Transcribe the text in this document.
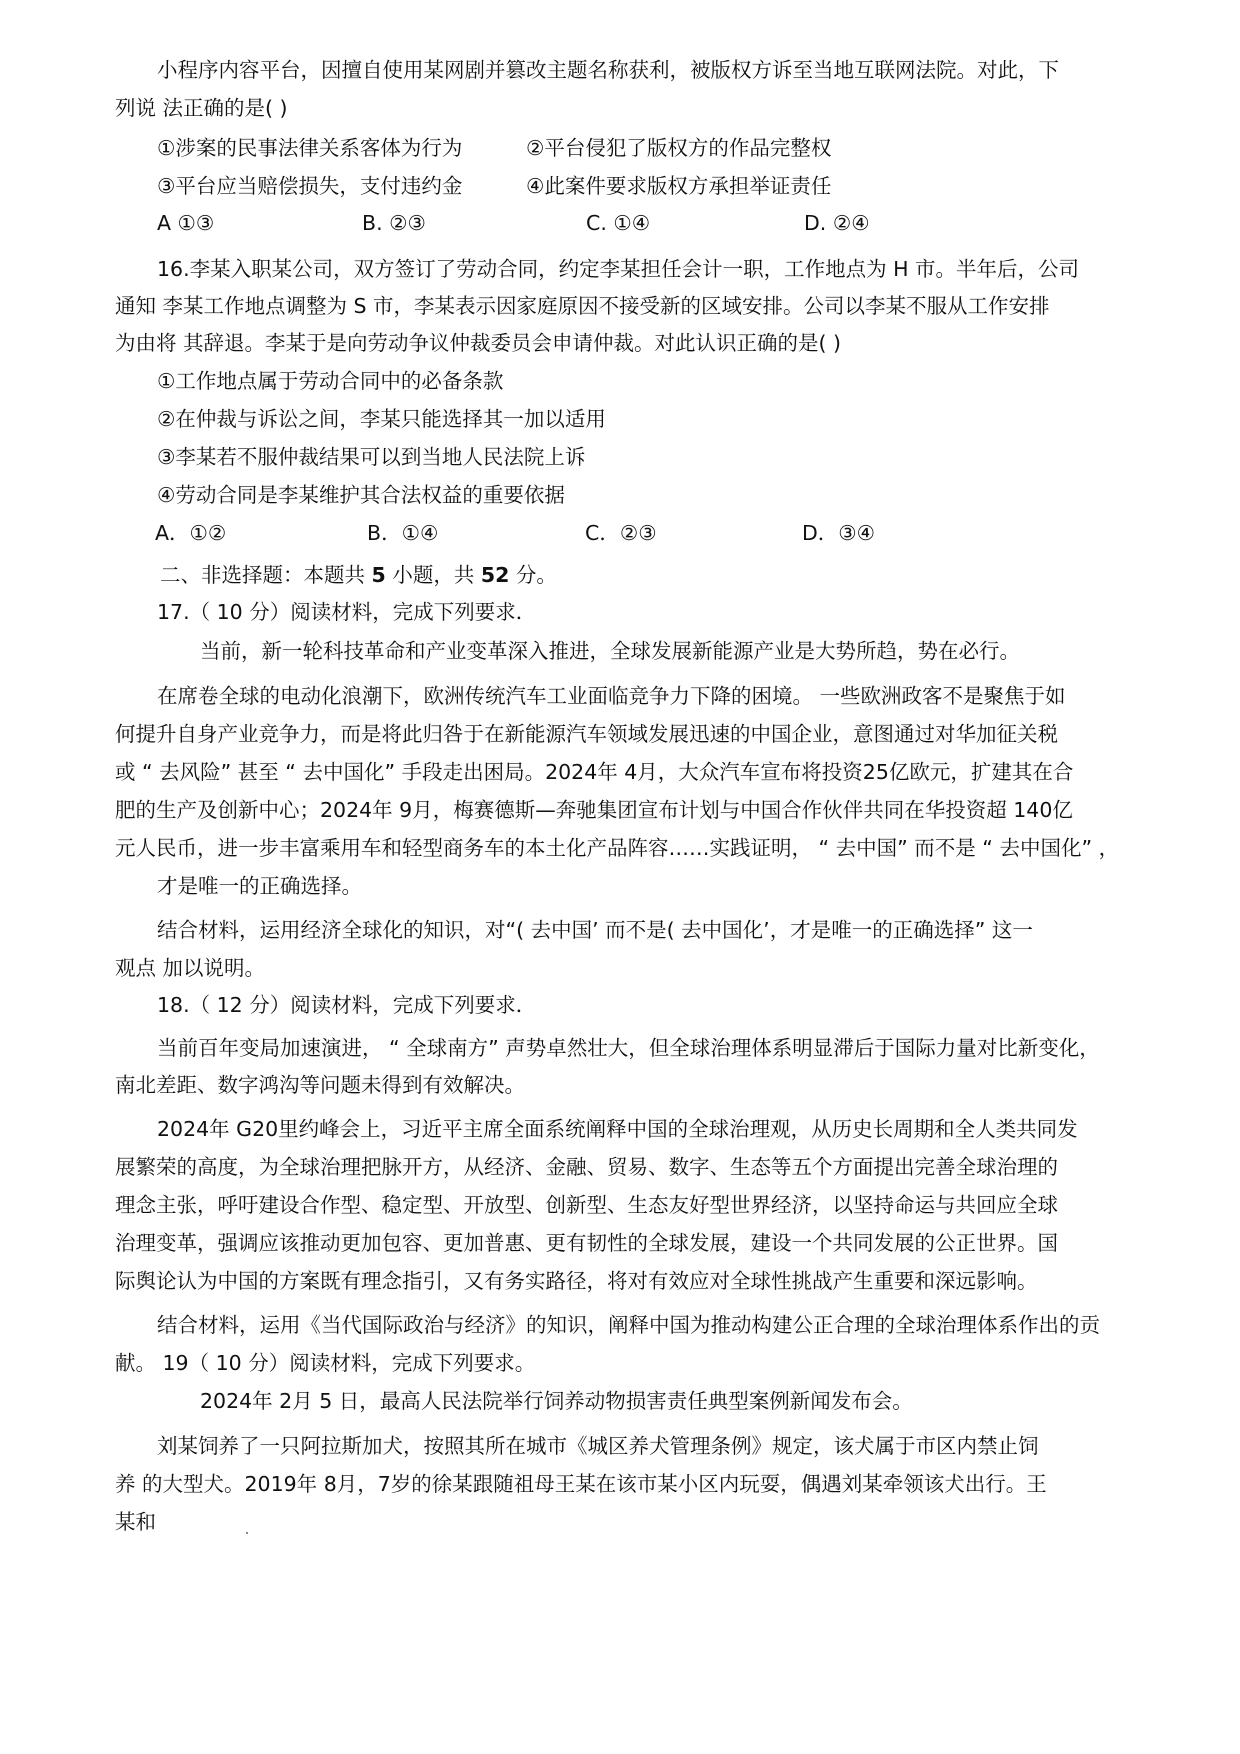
小程序内容平台，因擅自使用某网剧并篡改主题名称获利，被版权方诉至当地互联网法院。对此，下
列说 法正确的是( )
①涉案的民事法律关系客体为行为	②平台侵犯了版权方的作品完整权
③平台应当赔偿损失，支付违约金	④此案件要求版权方承担举证责任
A ①③	B. ②③	C. ①④	D. ②④
16.李某入职某公司，双方签订了劳动合同，约定李某担任会计一职，工作地点为 H 市。半年后，公司
通知 李某工作地点调整为 S 市，李某表示因家庭原因不接受新的区域安排。公司以李某不服从工作安排
为由将 其辞退。李某于是向劳动争议仲裁委员会申请仲裁。对此认识正确的是( )
①工作地点属于劳动合同中的必备条款
②在仲裁与诉讼之间，李某只能选择其一加以适用
③李某若不服仲裁结果可以到当地人民法院上诉
④劳动合同是李某维护其合法权益的重要依据
A．①②	B．①④	C．②③	D．③④
二、非选择题：本题共 5 小题，共 52 分。
17.（ 10 分）阅读材料，完成下列要求．
当前，新一轮科技革命和产业变革深入推进，全球发展新能源产业是大势所趋，势在必行。
在席卷全球的电动化浪潮下，欧洲传统汽车工业面临竞争力下降的困境。 一些欧洲政客不是聚焦于如
何提升自身产业竞争力，而是将此归咎于在新能源汽车领域发展迅速的中国企业，意图通过对华加征关税
或 “ 去风险” 甚至 “ 去中国化” 手段走出困局。2024年 4月，大众汽车宣布将投资25亿欧元，扩建其在合
肥的生产及创新中心；2024年 9月，梅赛德斯—奔驰集团宣布计划与中国合作伙伴共同在华投资超 140亿
元人民币，进一步丰富乘用车和轻型商务车的本土化产品阵容……实践证明， “ 去中国” 而不是 “ 去中国化” ，
才是唯一的正确选择。
结合材料，运用经济全球化的知识，对“( 去中国’ 而不是( 去中国化’，才是唯一的正确选择” 这一
观点 加以说明。
18.（ 12 分）阅读材料，完成下列要求．
当前百年变局加速演进， “ 全球南方” 声势卓然壮大，但全球治理体系明显滞后于国际力量对比新变化，
南北差距、数字鸿沟等问题未得到有效解决。
2024年 G20里约峰会上，习近平主席全面系统阐释中国的全球治理观，从历史长周期和全人类共同发
展繁荣的高度，为全球治理把脉开方，从经济、金融、贸易、数字、生态等五个方面提出完善全球治理的
理念主张，呼吁建设合作型、稳定型、开放型、创新型、生态友好型世界经济，以坚持命运与共回应全球
治理变革，强调应该推动更加包容、更加普惠、更有韧性的全球发展，建设一个共同发展的公正世界。国
际舆论认为中国的方案既有理念指引，又有务实路径，将对有效应对全球性挑战产生重要和深远影响。
结合材料，运用《当代国际政治与经济》的知识，阐释中国为推动构建公正合理的全球治理体系作出的贡
献。 19（ 10 分）阅读材料，完成下列要求。
2024年 2月 5 日，最高人民法院举行饲养动物损害责任典型案例新闻发布会。
刘某饲养了一只阿拉斯加犬，按照其所在城市《城区养犬管理条例》规定，该犬属于市区内禁止饲
养 的大型犬。2019年 8月，7岁的徐某跟随祖母王某在该市某小区内玩耍，偶遇刘某牵领该犬出行。王
某和
